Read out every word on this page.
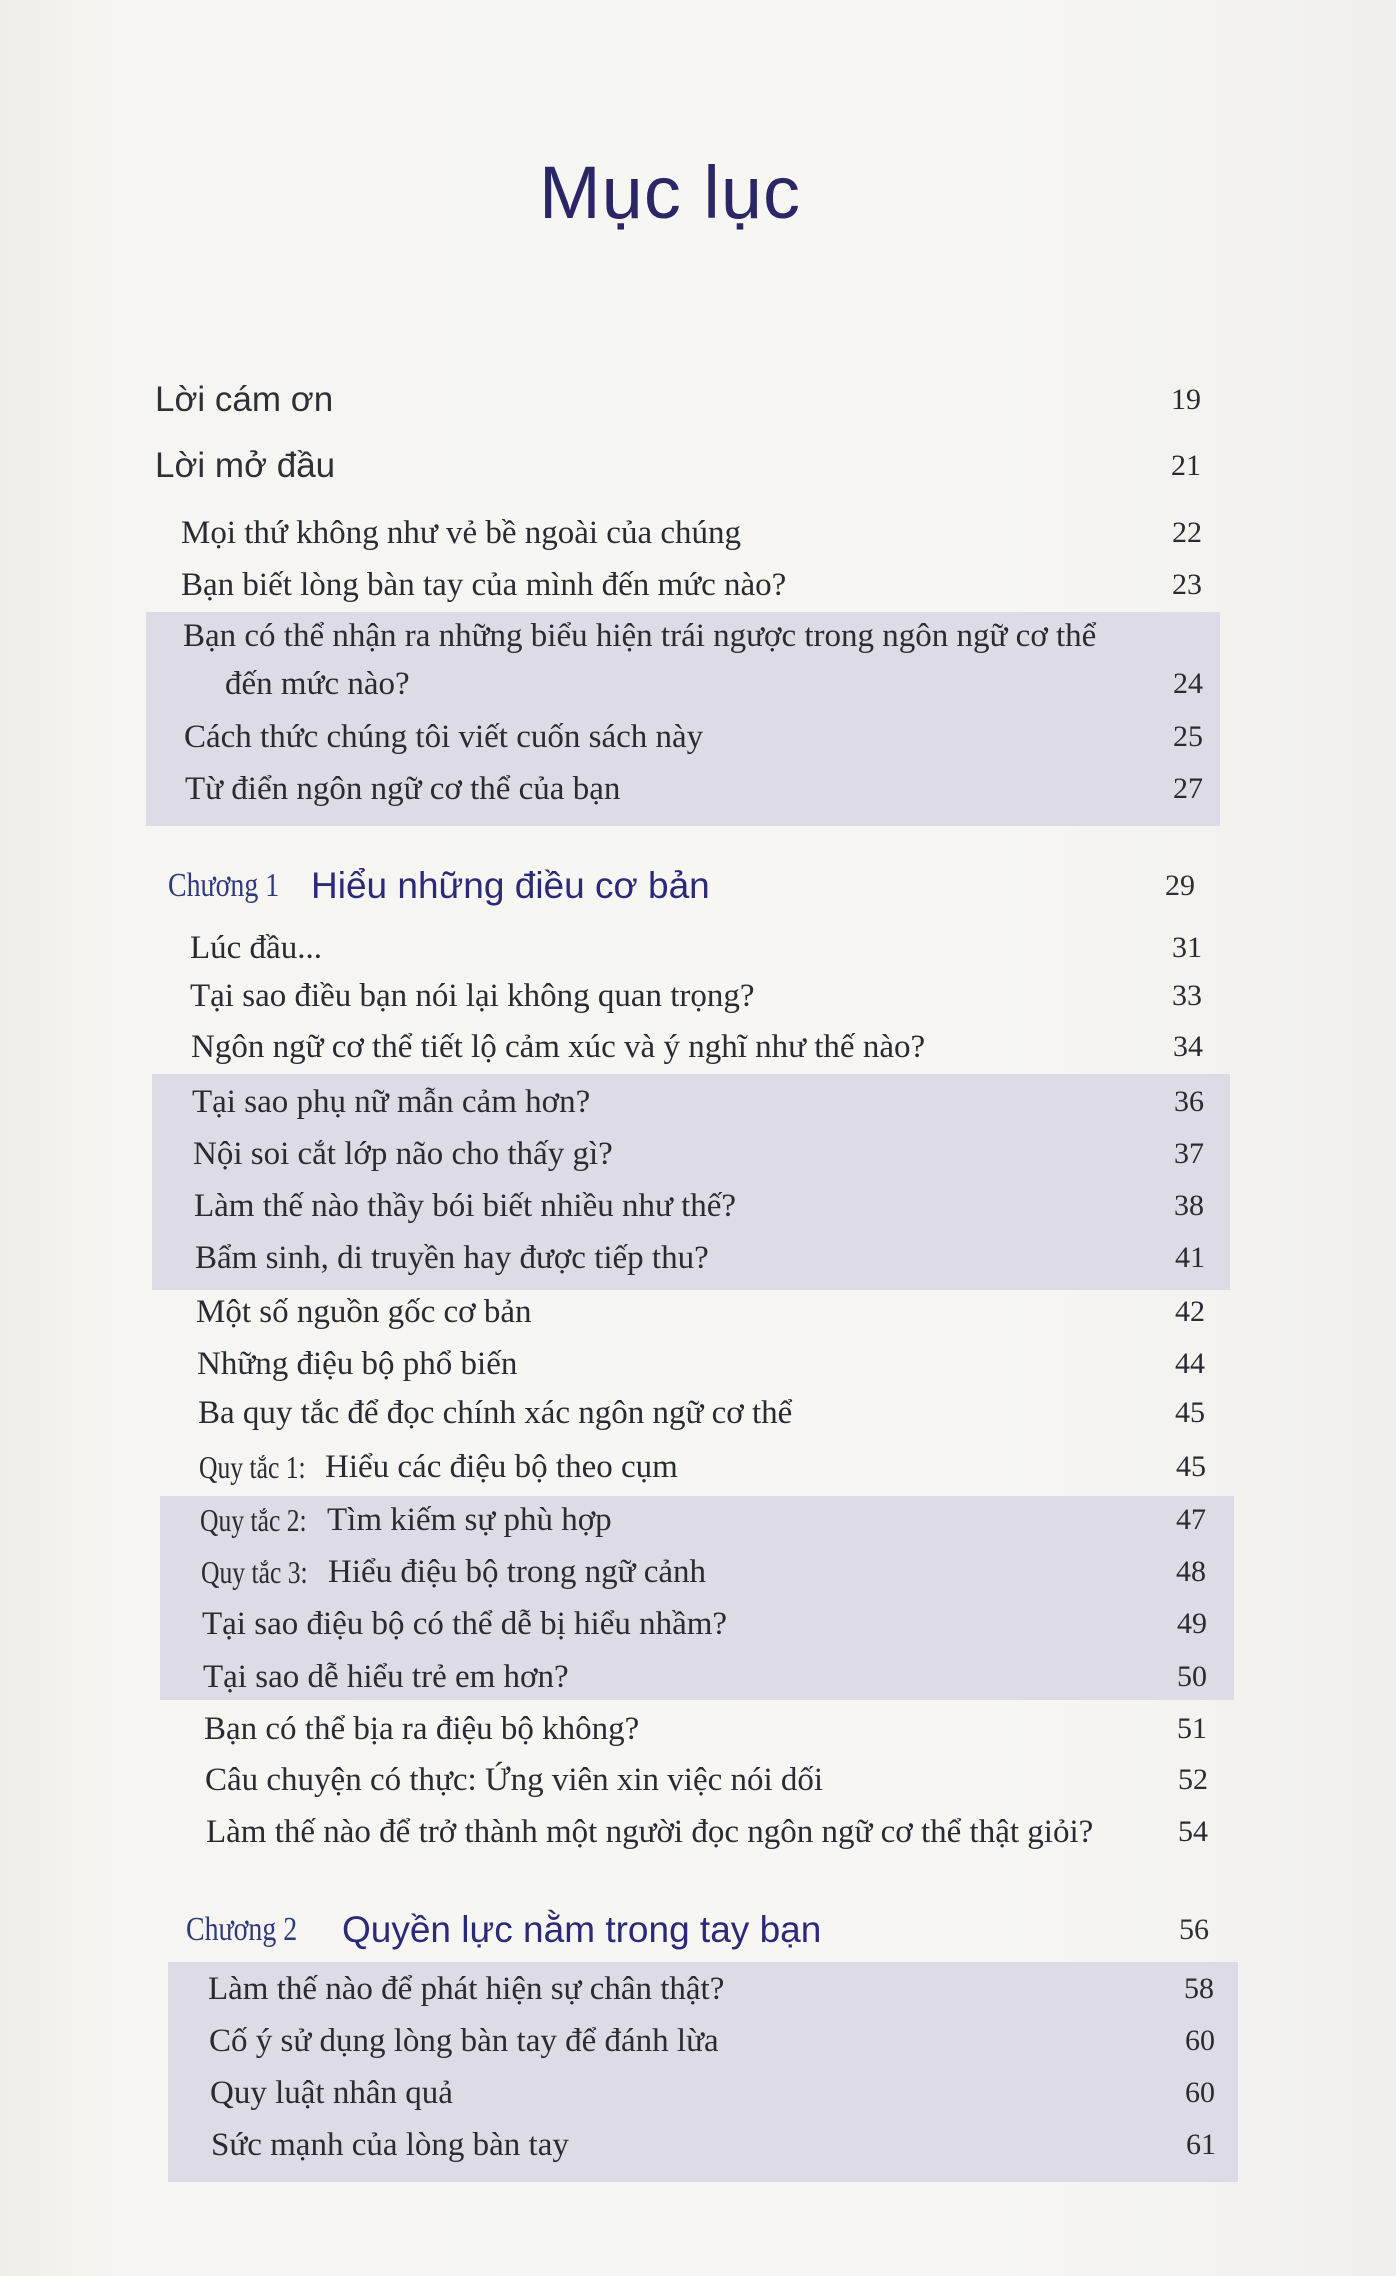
Mục lục
Lời cám ơn	19
Lời mở đầu	21
Mọi thứ không như vẻ bề ngoài của chúng	22
Bạn biết lòng bàn tay của mình đến mức nào?	23
Bạn có thể nhận ra những biểu hiện trái ngược trong ngôn ngữ cơ thể
đến mức nào?	24
Cách thức chúng tôi viết cuốn sách này	25
Từ điển ngôn ngữ cơ thể của bạn	27
Chương 1 Hiểu những điều cơ bản	29
Lúc đầu...	31
Tại sao điều bạn nói lại không quan trọng?	33
Ngôn ngữ cơ thể tiết lộ cảm xúc và ý nghĩ như thế nào?	34
Tại sao phụ nữ mẫn cảm hơn?	36
Nội soi cắt lớp não cho thấy gì?	37
Làm thế nào thầy bói biết nhiều như thế?	38
Bẩm sinh, di truyền hay được tiếp thu?	41
Một số nguồn gốc cơ bản	42
Những điệu bộ phổ biến	44
Ba quy tắc để đọc chính xác ngôn ngữ cơ thể	45
Quy tắc 1: Hiểu các điệu bộ theo cụm	45
Quy tắc 2: Tìm kiếm sự phù hợp	47
Quy tắc 3: Hiểu điệu bộ trong ngữ cảnh	48
Tại sao điệu bộ có thể dễ bị hiểu nhầm?	49
Tại sao dễ hiểu trẻ em hơn?	50
Bạn có thể bịa ra điệu bộ không?	51
Câu chuyện có thực: Ứng viên xin việc nói dối	52
Làm thế nào để trở thành một người đọc ngôn ngữ cơ thể thật giỏi?	54
Chương 2 Quyền lực nằm trong tay bạn	56
Làm thế nào để phát hiện sự chân thật?	58
Cố ý sử dụng lòng bàn tay để đánh lừa	60
Quy luật nhân quả	60
Sức mạnh của lòng bàn tay	61
